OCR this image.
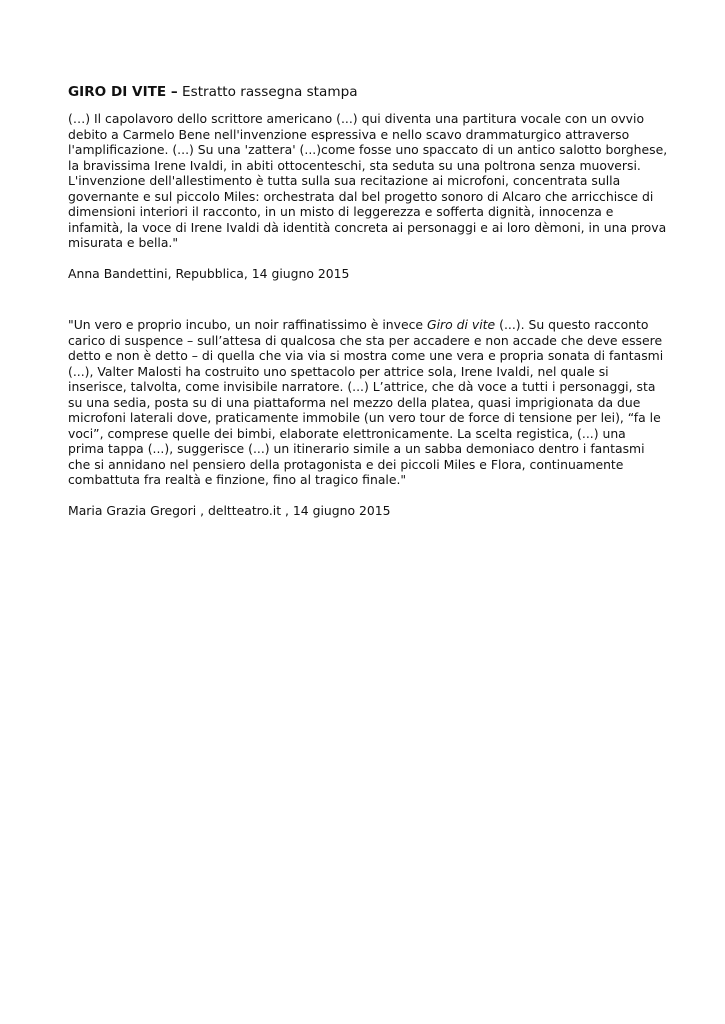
GIRO DI VITE – Estratto rassegna stampa

(…) Il capolavoro dello scrittore americano (...) qui diventa una partitura vocale con un ovvio
debito a Carmelo Bene nell'invenzione espressiva e nello scavo drammaturgico attraverso
l'amplificazione. (...) Su una 'zattera' (...)come fosse uno spaccato di un antico salotto borghese,
la bravissima Irene Ivaldi, in abiti ottocenteschi, sta seduta su una poltrona senza muoversi.
L'invenzione dell'allestimento è tutta sulla sua recitazione ai microfoni, concentrata sulla
governante e sul piccolo Miles: orchestrata dal bel progetto sonoro di Alcaro che arricchisce di
dimensioni interiori il racconto, in un misto di leggerezza e sofferta dignità, innocenza e
infamità, la voce di Irene Ivaldi dà identità concreta ai personaggi e ai loro dèmoni, in una prova
misurata e bella."

Anna Bandettini, Repubblica, 14 giugno 2015

"Un vero e proprio incubo, un noir raffinatissimo è invece Giro di vite (...). Su questo racconto
carico di suspence – sull’attesa di qualcosa che sta per accadere e non accade che deve essere
detto e non è detto – di quella che via via si mostra come une vera e propria sonata di fantasmi
(...), Valter Malosti ha costruito uno spettacolo per attrice sola, Irene Ivaldi, nel quale si
inserisce, talvolta, come invisibile narratore. (...) L’attrice, che dà voce a tutti i personaggi, sta
su una sedia, posta su di una piattaforma nel mezzo della platea, quasi imprigionata da due
microfoni laterali dove, praticamente immobile (un vero tour de force di tensione per lei), “fa le
voci”, comprese quelle dei bimbi, elaborate elettronicamente. La scelta registica, (...) una
prima tappa (...), suggerisce (...) un itinerario simile a un sabba demoniaco dentro i fantasmi
che si annidano nel pensiero della protagonista e dei piccoli Miles e Flora, continuamente
combattuta fra realtà e finzione, fino al tragico finale."

Maria Grazia Gregori , deltteatro.it , 14 giugno 2015
